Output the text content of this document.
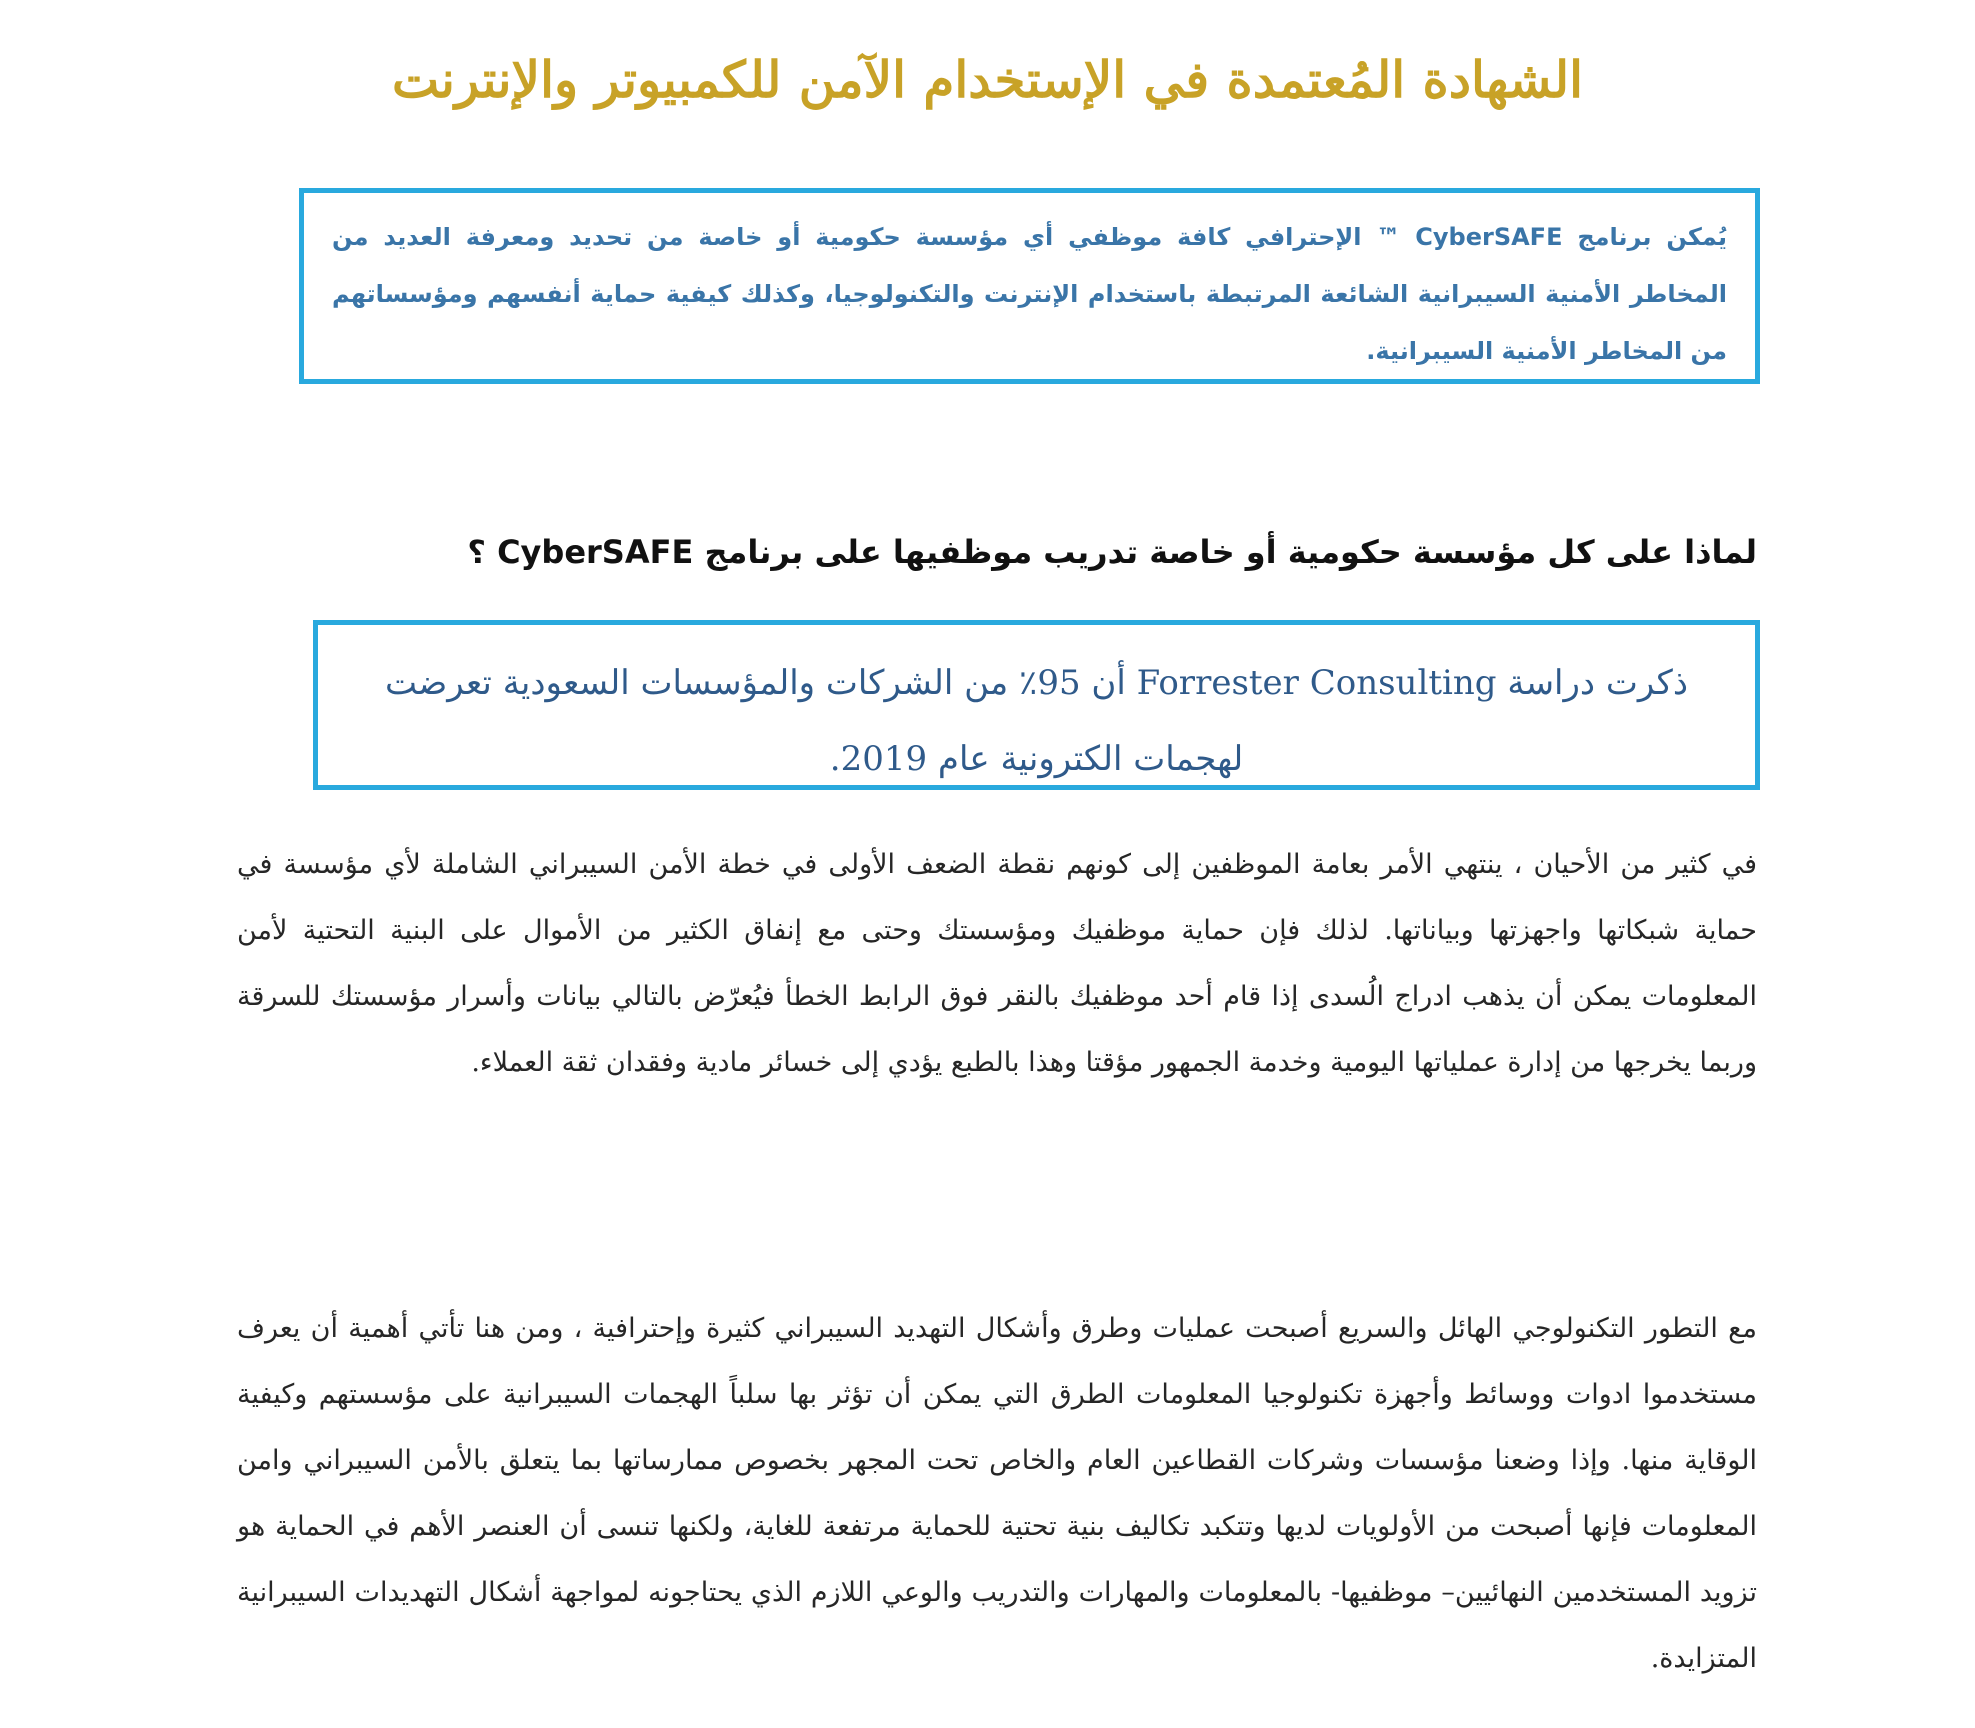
الشهادة المُعتمدة في الإستخدام الآمن للكمبيوتر والإنترنت

يُمكن برنامج CyberSAFE ™ الإحترافي كافة موظفي أي مؤسسة حكومية أو خاصة من تحديد ومعرفة العديد من المخاطر الأمنية السيبرانية الشائعة المرتبطة باستخدام الإنترنت والتكنولوجيا، وكذلك كيفية حماية أنفسهم ومؤسساتهم من المخاطر الأمنية السيبرانية.

لماذا على كل مؤسسة حكومية أو خاصة تدريب موظفيها على برنامج CyberSAFE ؟

ذكرت دراسة Forrester Consulting أن 95٪ من الشركات والمؤسسات السعودية تعرضت لهجمات الكترونية عام 2019.

في كثير من الأحيان ، ينتهي الأمر بعامة الموظفين إلى كونهم نقطة الضعف الأولى في خطة الأمن السيبراني الشاملة لأي مؤسسة في حماية شبكاتها واجهزتها وبياناتها. لذلك فإن حماية موظفيك ومؤسستك وحتى مع إنفاق الكثير من الأموال على البنية التحتية لأمن المعلومات يمكن أن يذهب ادراج الُسدى إذا قام أحد موظفيك بالنقر فوق الرابط الخطأ فيُعرّض بالتالي بيانات وأسرار مؤسستك للسرقة وربما يخرجها من إدارة عملياتها اليومية وخدمة الجمهور مؤقتا وهذا بالطبع يؤدي إلى خسائر مادية وفقدان ثقة العملاء.

مع التطور التكنولوجي الهائل والسريع أصبحت عمليات وطرق وأشكال التهديد السيبراني كثيرة وإحترافية ، ومن هنا تأتي أهمية أن يعرف مستخدموا ادوات ووسائط وأجهزة تكنولوجيا المعلومات الطرق التي يمكن أن تؤثر بها سلباً الهجمات السيبرانية على مؤسستهم وكيفية الوقاية منها. وإذا وضعنا مؤسسات وشركات القطاعين العام والخاص تحت المجهر بخصوص ممارساتها بما يتعلق بالأمن السيبراني وامن المعلومات فإنها أصبحت من الأولويات لديها وتتكبد تكاليف بنية تحتية للحماية مرتفعة للغاية، ولكنها تنسى أن العنصر الأهم في الحماية هو تزويد المستخدمين النهائيين– موظفيها- بالمعلومات والمهارات والتدريب والوعي اللازم الذي يحتاجونه لمواجهة أشكال التهديدات السيبرانية المتزايدة.
